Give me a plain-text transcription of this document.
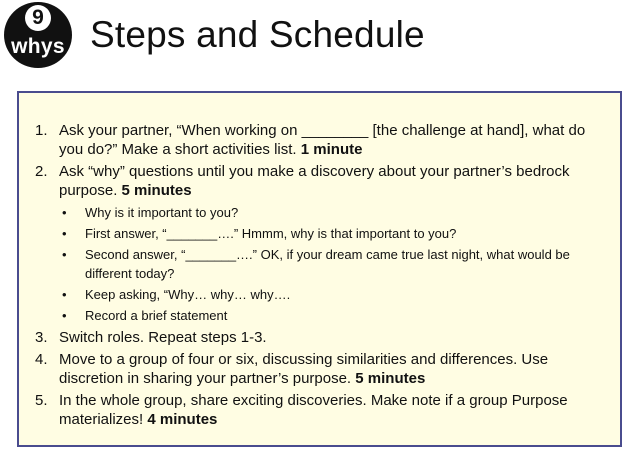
9
whys Steps and Schedule
1. Ask your partner, “When working on ________ [the challenge at hand], what do you do?” Make a short activities list. 1 minute
2. Ask “why” questions until you make a discovery about your partner’s bedrock purpose. 5 minutes
• Why is it important to you?
• First answer, “_______….” Hmmm, why is that important to you?
• Second answer, “_______….” OK, if your dream came true last night, what would be different today?
• Keep asking, “Why… why… why….
• Record a brief statement
3. Switch roles. Repeat steps 1-3.
4. Move to a group of four or six, discussing similarities and differences. Use discretion in sharing your partner’s purpose. 5 minutes
5. In the whole group, share exciting discoveries. Make note if a group Purpose materializes! 4 minutes
